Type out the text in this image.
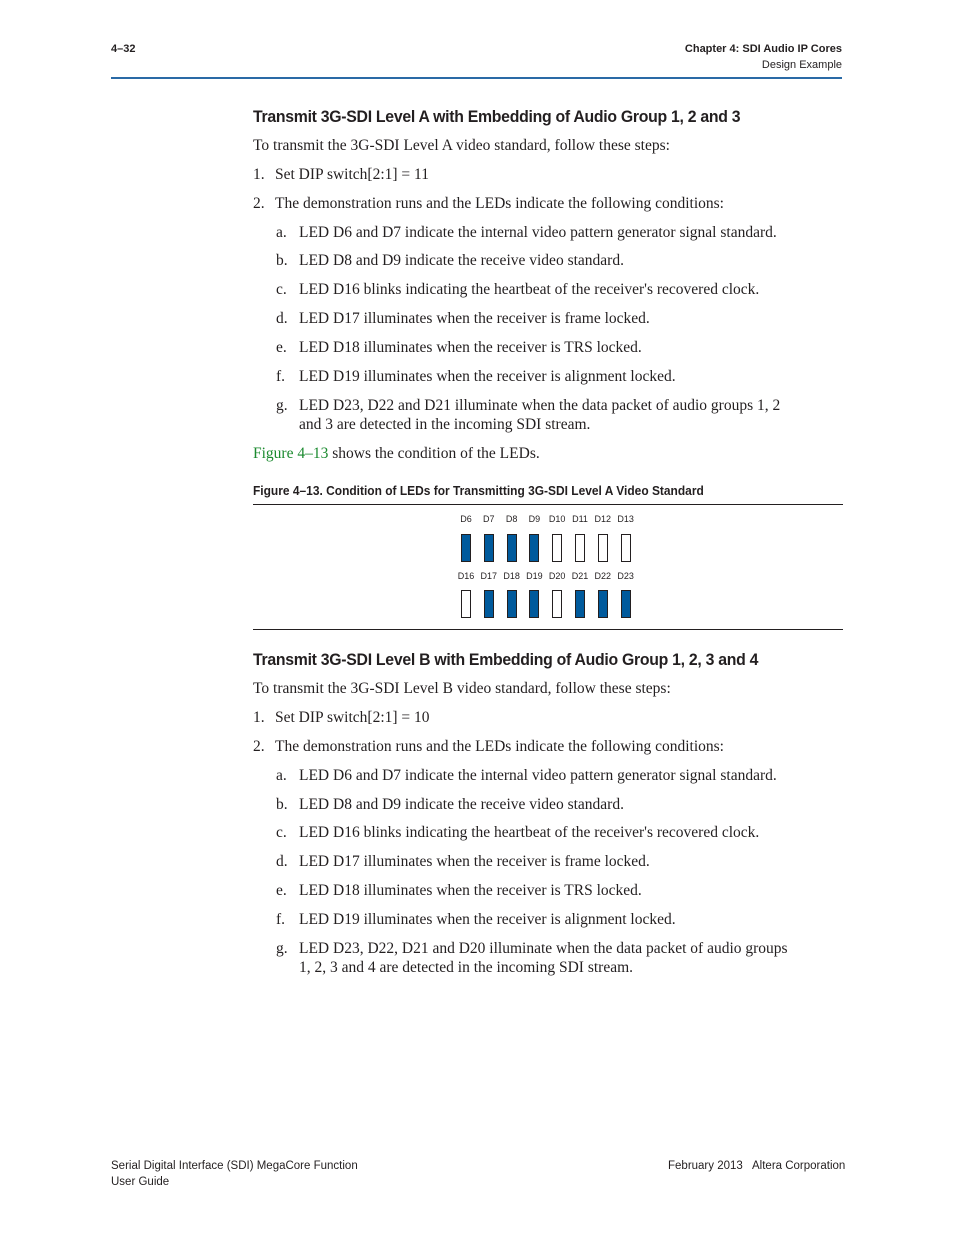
4–32	Chapter 4: SDI Audio IP Cores
Design Example
Transmit 3G-SDI Level A with Embedding of Audio Group 1, 2 and 3
To transmit the 3G-SDI Level A video standard, follow these steps:
1. Set DIP switch[2:1] = 11
2. The demonstration runs and the LEDs indicate the following conditions:
a. LED D6 and D7 indicate the internal video pattern generator signal standard.
b. LED D8 and D9 indicate the receive video standard.
c. LED D16 blinks indicating the heartbeat of the receiver's recovered clock.
d. LED D17 illuminates when the receiver is frame locked.
e. LED D18 illuminates when the receiver is TRS locked.
f. LED D19 illuminates when the receiver is alignment locked.
g. LED D23, D22 and D21 illuminate when the data packet of audio groups 1, 2
and 3 are detected in the incoming SDI stream.
Figure 4–13 shows the condition of the LEDs.
Figure 4–13. Condition of LEDs for Transmitting 3G-SDI Level A Video Standard
D6	D7	D8	D9 D10 D11 D12 D13
D16 D17 D18 D19 D20 D21 D22 D23
Transmit 3G-SDI Level B with Embedding of Audio Group 1, 2, 3 and 4
To transmit the 3G-SDI Level B video standard, follow these steps:
1. Set DIP switch[2:1] = 10
2. The demonstration runs and the LEDs indicate the following conditions:
a. LED D6 and D7 indicate the internal video pattern generator signal standard.
b. LED D8 and D9 indicate the receive video standard.
c. LED D16 blinks indicating the heartbeat of the receiver's recovered clock.
d. LED D17 illuminates when the receiver is frame locked.
e. LED D18 illuminates when the receiver is TRS locked.
f. LED D19 illuminates when the receiver is alignment locked.
g. LED D23, D22, D21 and D20 illuminate when the data packet of audio groups
1, 2, 3 and 4 are detected in the incoming SDI stream.
Serial Digital Interface (SDI) MegaCore Function
User Guide
February 2013 Altera Corporation
